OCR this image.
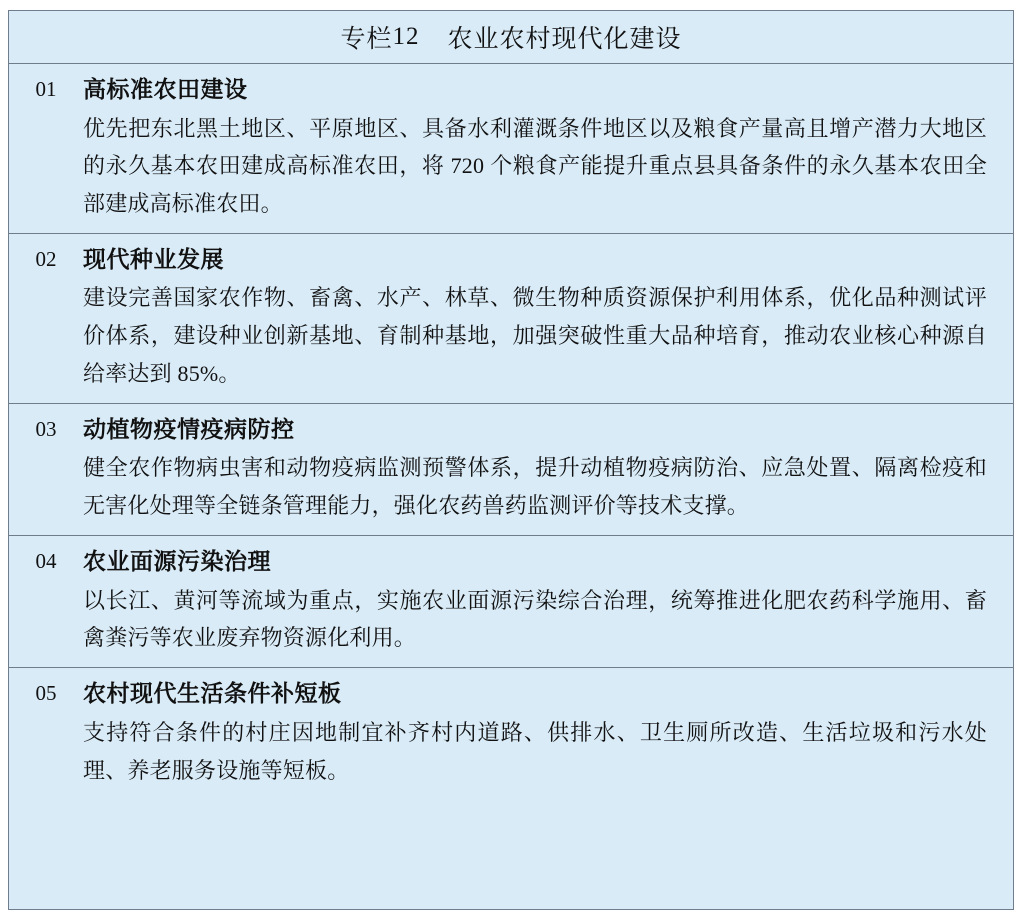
专栏 12 农业农村现代化建设
01	高标准农田建设
优先把东北黑土地区、平原地区、具备水利灌溉条件地区以及粮食产量高且增产潜力大地区的永久基本农田建成高标准农田，将 720 个粮食产能提升重点县具备条件的永久基本农田全部建成高标准农田。
02	现代种业发展
建设完善国家农作物、畜禽、水产、林草、微生物种质资源保护利用体系，优化品种测试评价体系，建设种业创新基地、育制种基地，加强突破性重大品种培育，推动农业核心种源自给率达到 85%。
03	动植物疫情疫病防控
健全农作物病虫害和动物疫病监测预警体系，提升动植物疫病防治、应急处置、隔离检疫和无害化处理等全链条管理能力，强化农药兽药监测评价等技术支撑。
04	农业面源污染治理
以长江、黄河等流域为重点，实施农业面源污染综合治理，统筹推进化肥农药科学施用、畜禽粪污等农业废弃物资源化利用。
05	农村现代生活条件补短板
支持符合条件的村庄因地制宜补齐村内道路、供排水、卫生厕所改造、生活垃圾和污水处理、养老服务设施等短板。
